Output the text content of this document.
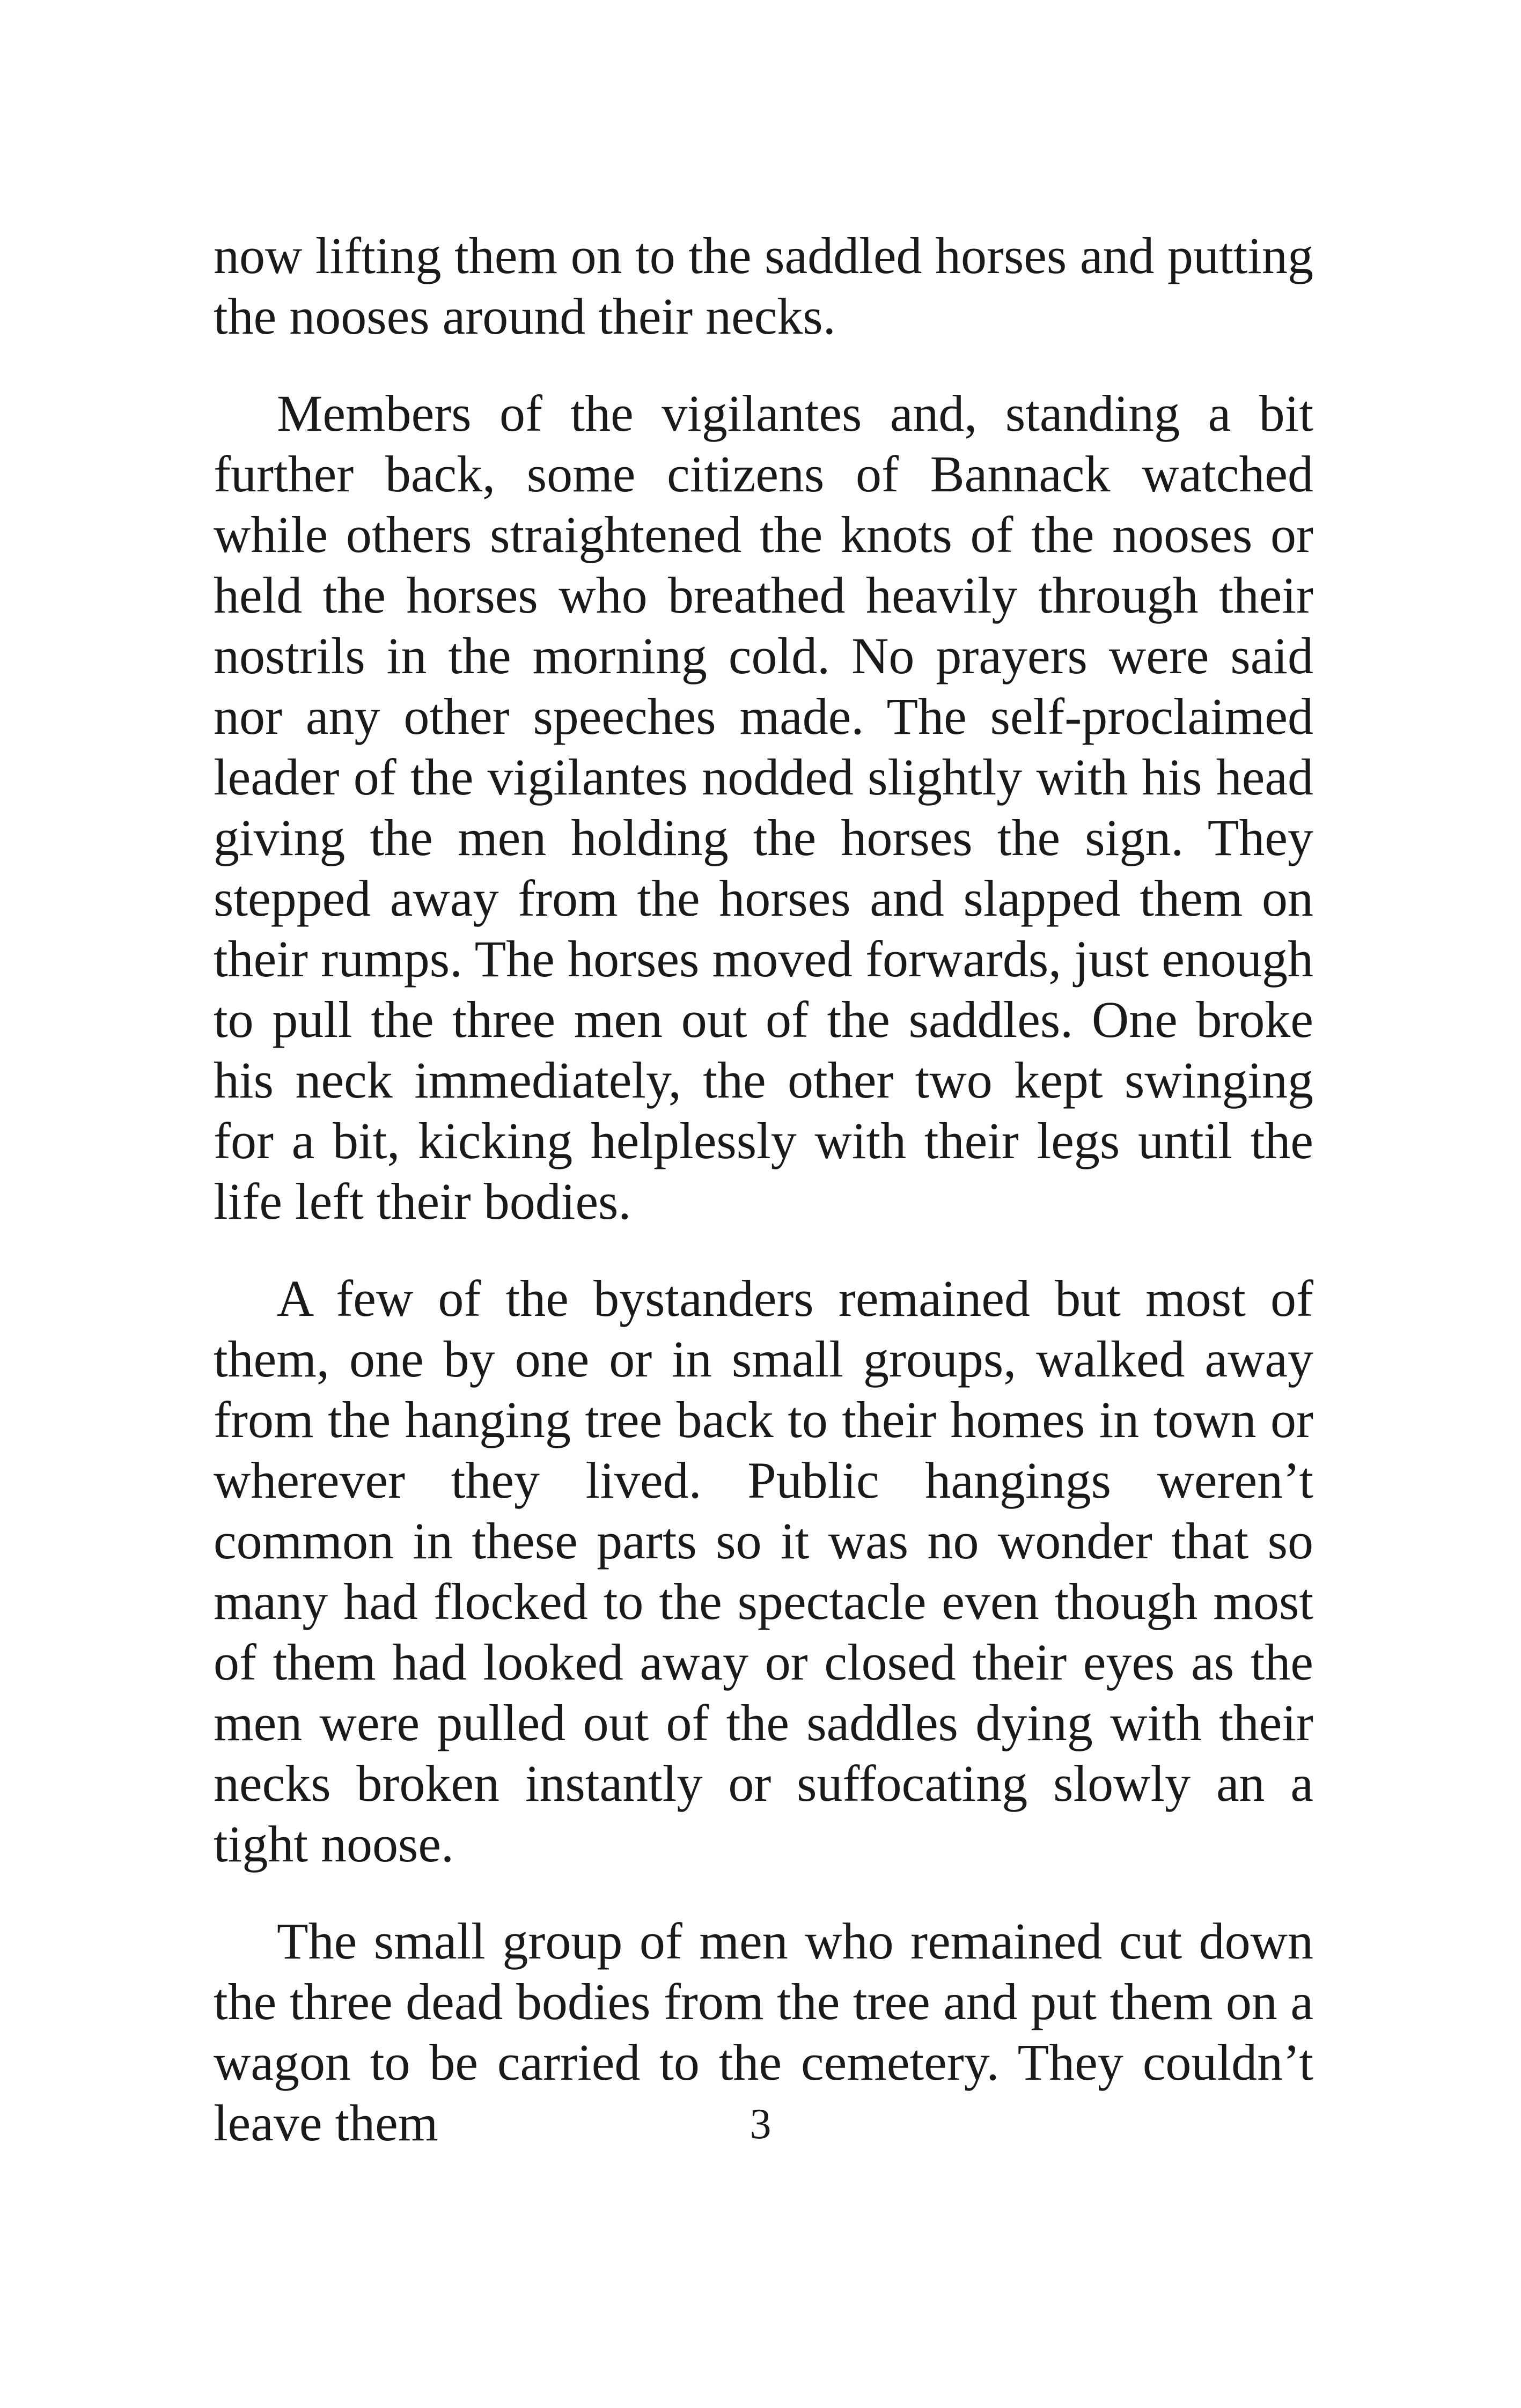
now lifting them on to the saddled horses and putting the nooses around their necks.

Members of the vigilantes and, standing a bit further back, some citizens of Bannack watched while others straightened the knots of the nooses or held the horses who breathed heavily through their nostrils in the morning cold. No prayers were said nor any other speeches made. The self-proclaimed leader of the vigilantes nodded slightly with his head giving the men holding the horses the sign. They stepped away from the horses and slapped them on their rumps. The horses moved forwards, just enough to pull the three men out of the saddles. One broke his neck immediately, the other two kept swinging for a bit, kicking helplessly with their legs until the life left their bodies.

A few of the bystanders remained but most of them, one by one or in small groups, walked away from the hanging tree back to their homes in town or wherever they lived. Public hangings weren’t common in these parts so it was no wonder that so many had flocked to the spectacle even though most of them had looked away or closed their eyes as the men were pulled out of the saddles dying with their necks broken instantly or suffocating slowly an a tight noose.

The small group of men who remained cut down the three dead bodies from the tree and put them on a wagon to be carried to the cemetery. They couldn’t leave them	3
